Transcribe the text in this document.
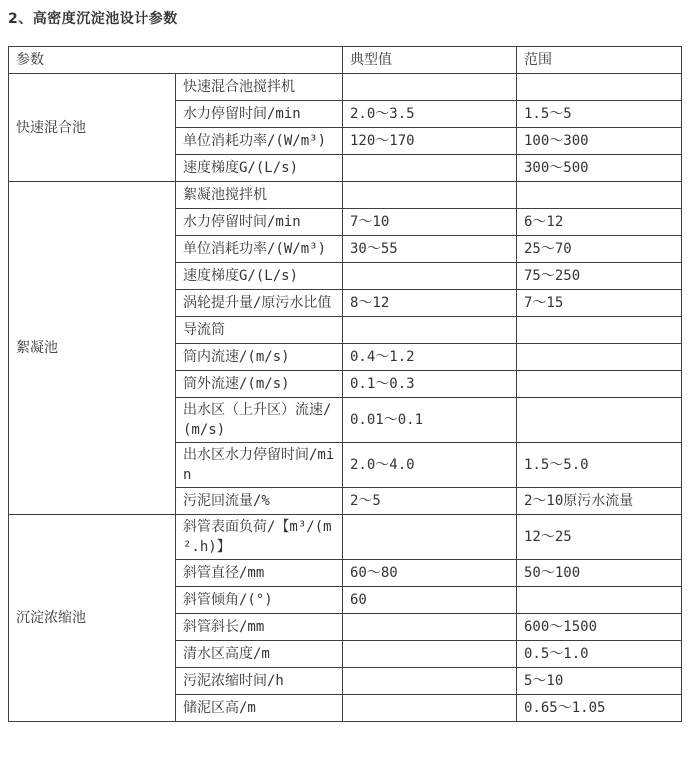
2、高密度沉淀池设计参数
参数		典型值	范围
快速混合池	快速混合池搅拌机		
	水力停留时间/min	2.0～3.5	1.5～5
	单位消耗功率/(W/m³)	120～170	100～300
	速度梯度G/(L/s)		300～500
絮凝池	絮凝池搅拌机		
	水力停留时间/min	7～10	6～12
	单位消耗功率/(W/m³)	30～55	25～70
	速度梯度G/(L/s)		75～250
	涡轮提升量/原污水比值	8～12	7～15
	导流筒		
	筒内流速/(m/s)	0.4～1.2	
	筒外流速/(m/s)	0.1～0.3	
	出水区（上升区）流速/(m/s)	0.01～0.1	
	出水区水力停留时间/min	2.0～4.0	1.5～5.0
	污泥回流量/%	2～5	2～10原污水流量
沉淀浓缩池	斜管表面负荷/【m³/(m².h)】		12～25
	斜管直径/mm	60～80	50～100
	斜管倾角/(°)	60	
	斜管斜长/mm		600～1500
	清水区高度/m		0.5～1.0
	污泥浓缩时间/h		5～10
	储泥区高/m		0.65～1.05
